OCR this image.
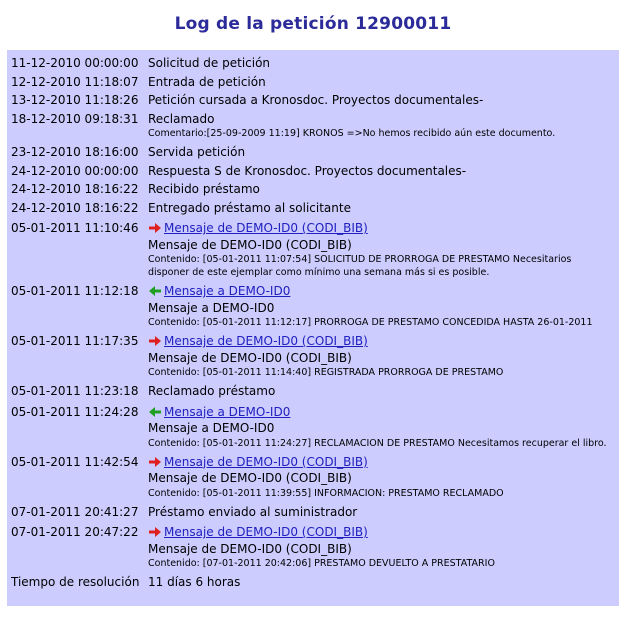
Log de la petición 12900011
11-12-2010 00:00:00	Solicitud de petición
12-12-2010 11:18:07	Entrada de petición
13-12-2010 11:18:26	Petición cursada a Kronosdoc. Proyectos documentales-
18-12-2010 09:18:31	Reclamado
Comentario:[25-09-2009 11:19] KRONOS =>No hemos recibido aún este documento.

23-12-2010 18:16:00	Servida petición
24-12-2010 00:00:00	Respuesta S de Kronosdoc. Proyectos documentales-
24-12-2010 18:16:22	Recibido préstamo
24-12-2010 18:16:22	Entregado préstamo al solicitante
05-01-2011 11:10:46	Mensaje de DEMO-ID0 (CODI_BIB)
Mensaje de DEMO-ID0 (CODI_BIB)
Contenido: [05-01-2011 11:07:54] SOLICITUD DE PRORROGA DE PRESTAMO Necesitarios disponer de este ejemplar como mínimo una semana más si es posible.

05-01-2011 11:12:18	Mensaje a DEMO-ID0
Mensaje a DEMO-ID0
Contenido: [05-01-2011 11:12:17] PRORROGA DE PRESTAMO CONCEDIDA HASTA 26-01-2011

05-01-2011 11:17:35	Mensaje de DEMO-ID0 (CODI_BIB)
Mensaje de DEMO-ID0 (CODI_BIB)
Contenido: [05-01-2011 11:14:40] REGISTRADA PRORROGA DE PRESTAMO

05-01-2011 11:23:18	Reclamado préstamo
05-01-2011 11:24:28	Mensaje a DEMO-ID0
Mensaje a DEMO-ID0
Contenido: [05-01-2011 11:24:27] RECLAMACION DE PRESTAMO Necesitamos recuperar el libro.

05-01-2011 11:42:54	Mensaje de DEMO-ID0 (CODI_BIB)
Mensaje de DEMO-ID0 (CODI_BIB)
Contenido: [05-01-2011 11:39:55] INFORMACION: PRESTAMO RECLAMADO

07-01-2011 20:41:27	Préstamo enviado al suministrador
07-01-2011 20:47:22	Mensaje de DEMO-ID0 (CODI_BIB)
Mensaje de DEMO-ID0 (CODI_BIB)
Contenido: [07-01-2011 20:42:06] PRESTAMO DEVUELTO A PRESTATARIO

Tiempo de resolución	11 días 6 horas
